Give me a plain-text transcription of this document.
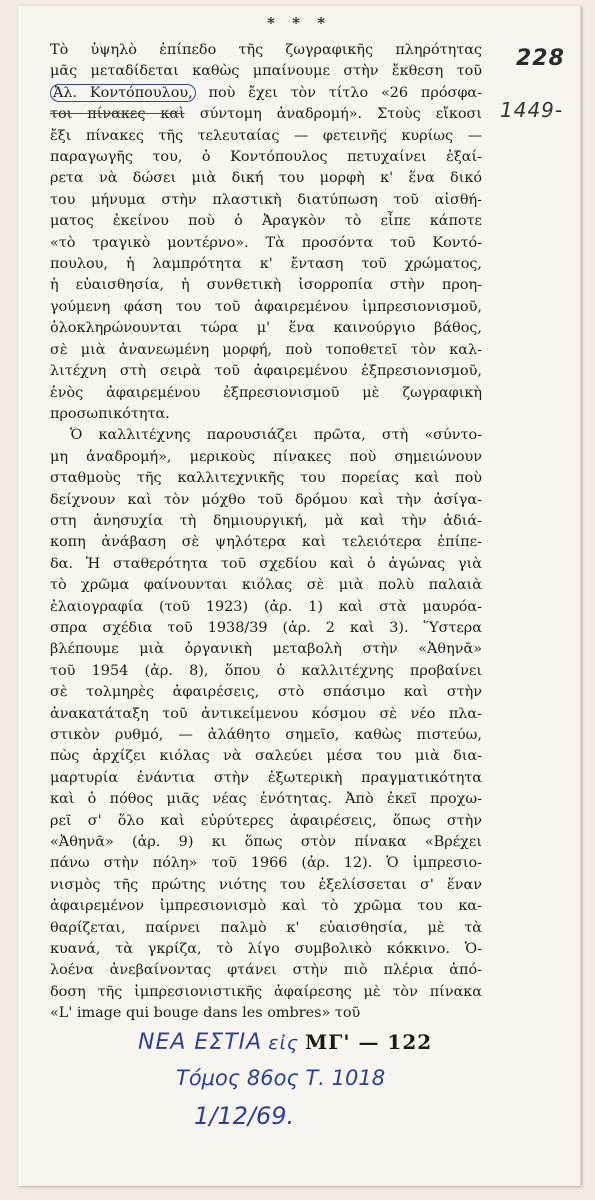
* * *
Τὸ ὑψηλὸ ἐπίπεδο τῆς ζωγραφικῆς πληρότητας
μᾶς μεταδίδεται καθὼς μπαίνουμε στὴν ἔκθεση τοῦ
Ἀλ. Κοντόπουλου, ποὺ ἔχει τὸν τίτλο «26 πρόσφα-
τοι πίνακες καὶ σύντομη ἀναδρομή». Στοὺς εἴκοσι
ἔξι πίνακες τῆς τελευταίας — φετεινῆς κυρίως —
παραγωγῆς του, ὁ Κοντόπουλος πετυχαίνει ἐξαί-
ρετα νὰ δώσει μιὰ δική του μορφὴ κ' ἕνα δικό
του μήνυμα στὴν πλαστικὴ διατύπωση τοῦ αἰσθή-
ματος ἐκείνου ποὺ ὁ Ἀραγκὸν τὸ εἶπε κάποτε
«τὸ τραγικὸ μοντέρνο». Τὰ προσόντα τοῦ Κοντό-
πουλου, ἡ λαμπρότητα κ' ἔνταση τοῦ χρώματος,
ἡ εὐαισθησία, ἡ συνθετικὴ ἰσορροπία στὴν προη-
γούμενη φάση του τοῦ ἀφαιρεμένου ἰμπρεσιονισμοῦ,
ὁλοκληρώνουνται τώρα μ' ἕνα καινούργιο βάθος,
σὲ μιὰ ἀνανεωμένη μορφή, ποὺ τοποθετεῖ τὸν καλ-
λιτέχνη στὴ σειρὰ τοῦ ἀφαιρεμένου ἐξπρεσιονισμοῦ,
ἑνὸς ἀφαιρεμένου ἐξπρεσιονισμοῦ μὲ ζωγραφικὴ
προσωπικότητα.
Ὁ καλλιτέχνης παρουσιάζει πρῶτα, στὴ «σύντο-
μη ἀναδρομή», μερικοὺς πίνακες ποὺ σημειώνουν
σταθμοὺς τῆς καλλιτεχνικῆς του πορείας καὶ ποὺ
δείχνουν καὶ τὸν μόχθο τοῦ δρόμου καὶ τὴν ἀσίγα-
στη ἀνησυχία τὴ δημιουργική, μὰ καὶ τὴν ἀδιά-
κοπη ἀνάβαση σὲ ψηλότερα καὶ τελειότερα ἐπίπε-
δα. Ἡ σταθερότητα τοῦ σχεδίου καὶ ὁ ἀγώνας γιὰ
τὸ χρῶμα φαίνουνται κιόλας σὲ μιὰ πολὺ παλαιὰ
ἐλαιογραφία (τοῦ 1923) (ἀρ. 1) καὶ στὰ μαυρόα-
σπρα σχέδια τοῦ 1938/39 (ἀρ. 2 καὶ 3). Ὕστερα
βλέπουμε μιὰ ὀργανικὴ μεταβολὴ στὴν «Ἀθηνᾶ»
τοῦ 1954 (ἀρ. 8), ὅπου ὁ καλλιτέχνης προβαίνει
σὲ τολμηρὲς ἀφαιρέσεις, στὸ σπάσιμο καὶ στὴν
ἀνακατάταξη τοῦ ἀντικείμενου κόσμου σὲ νέο πλα-
στικὸν ρυθμό, — ἀλάθητο σημεῖο, καθὼς πιστεύω,
πὼς ἀρχίζει κιόλας νὰ σαλεύει μέσα του μιὰ δια-
μαρτυρία ἐνάντια στὴν ἐξωτερικὴ πραγματικότητα
καὶ ὁ πόθος μιᾶς νέας ἑνότητας. Ἀπὸ ἐκεῖ προχω-
ρεῖ σ' ὅλο καὶ εὐρύτερες ἀφαιρέσεις, ὅπως στὴν
«Ἀθηνᾶ» (ἀρ. 9) κι ὅπως στὸν πίνακα «Βρέχει
πάνω στὴν πόλη» τοῦ 1966 (ἀρ. 12). Ὁ ἰμπρεσιο-
νισμὸς τῆς πρώτης νιότης του ἐξελίσσεται σ' ἕναν
ἀφαιρεμένον ἰμπρεσιονισμὸ καὶ τὸ χρῶμα του κα-
θαρίζεται, παίρνει παλμὸ κ' εὐαισθησία, μὲ τὰ
κυανά, τὰ γκρίζα, τὸ λίγο συμβολικὸ κόκκινο. Ὁ-
λοένα ἀνεβαίνοντας φτάνει στὴν πιὸ πλέρια ἀπό-
δοση τῆς ἰμπρεσιονιστικῆς ἀφαίρεσης μὲ τὸν πίνακα
«L' image qui bouge dans les ombres» τοῦ
228
1449-
ΝΕΑ ΕΣΤΙΑ εἰς ΜΓ' — 122
Τόμος 86ος Τ. 1018
1/12/69.
